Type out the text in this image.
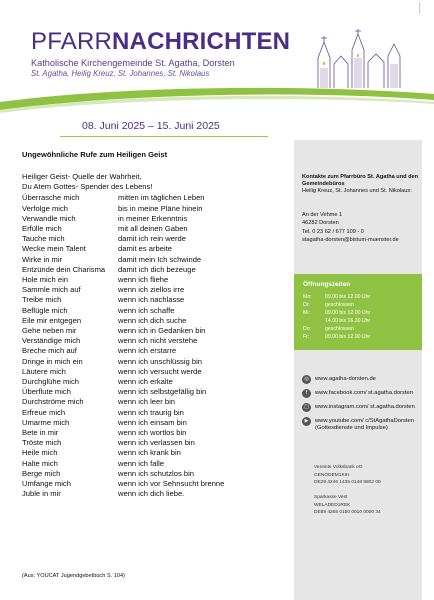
PFARRNACHRICHTEN
Katholische Kirchengemeinde St. Agatha, Dorsten
St. Agatha, Heilig Kreuz, St. Johannes, St. Nikolaus
08. Juni 2025 – 15. Juni 2025
Ungewöhnliche Rufe zum Heiligen Geist
Heiliger Geist- Quelle der Wahrheit,
Du Atem Gottes- Spender des Lebens!
Überrasche mich	mitten im täglichen Leben
Verfolge mich	bis in meine Pläne hinein
Verwandle mich	in meiner Erkenntnis
Erfülle mich	mit all deinen Gaben
Tauche mich	damit ich rein werde
Wecke mein Talent	damit es arbeite
Wirke in mir	damit mein Ich schwinde
Entzünde dein Charisma	damit ich dich bezeuge
Hole mich ein	wenn ich fliehe
Sammle mich auf	wenn ich ziellos irre
Treibe mich	wenn ich nachlasse
Beflügle mich	wenn ich schaffe
Eile mir entgegen	wenn ich dich suche
Gehe neben mir	wenn ich in Gedanken bin
Verständige mich	wenn ich nicht verstehe
Breche mich auf	wenn ich erstarre
Dringe in mich ein	wenn ich unschlüssig bin
Läutere mich	wenn ich versucht werde
Durchglühe mich	wenn ich erkalte
Überflute mich	wenn ich selbstgefällig bin
Durchströme mich	wenn ich leer bin
Erfreue mich	wenn ich traurig bin
Umarme mich	wenn ich einsam bin
Bete in mir	wenn ich wortlos bin
Tröste mich	wenn ich verlassen bin
Heile mich	wenn ich krank bin
Halte mich	wenn ich falle
Berge mich	wenn ich schutzlos bin
Umfange mich	wenn ich vor Sehnsucht brenne
Juble in mir	wenn ich dich liebe.
(Aus: YOUCAT Jugendgebetbuch S. 104)
Kontakte zum Pfarrbüro St. Agatha und den Gemeindebüros
Heilig Kreuz, St. Johannes und St. Nikolaus:
An der Vehme 1
46282 Dorsten
Tel. 0 23 62 / 677 109 - 0
stagatha-dorsten@bistum-muenster.de
Öffnungszeiten
Mo:	09.00 bis 12.00 Uhr
Di:	geschlossen
Mi:	09.00 bis 12.00 Uhr
14.00 bis 16.30 Uhr
Do:	geschlossen
Fr:	09.00 bis 12.00 Uhr
◎	www.agatha-dorsten.de
f	www.facebook.com/ st.agatha.dorsten
▢	www.instagram.com/ st.agatha.dorsten
▶	www.youtube.com/ c/StAgathaDorsten (Gottesdienste und Impulse)
Vereinte Volksbank eG
GENODEM1KIH
DE29 4246 1435 0148 8802 00
Sparkasse Vest
WELADED1REK
DE89 4265 0150 0010 0000 34
